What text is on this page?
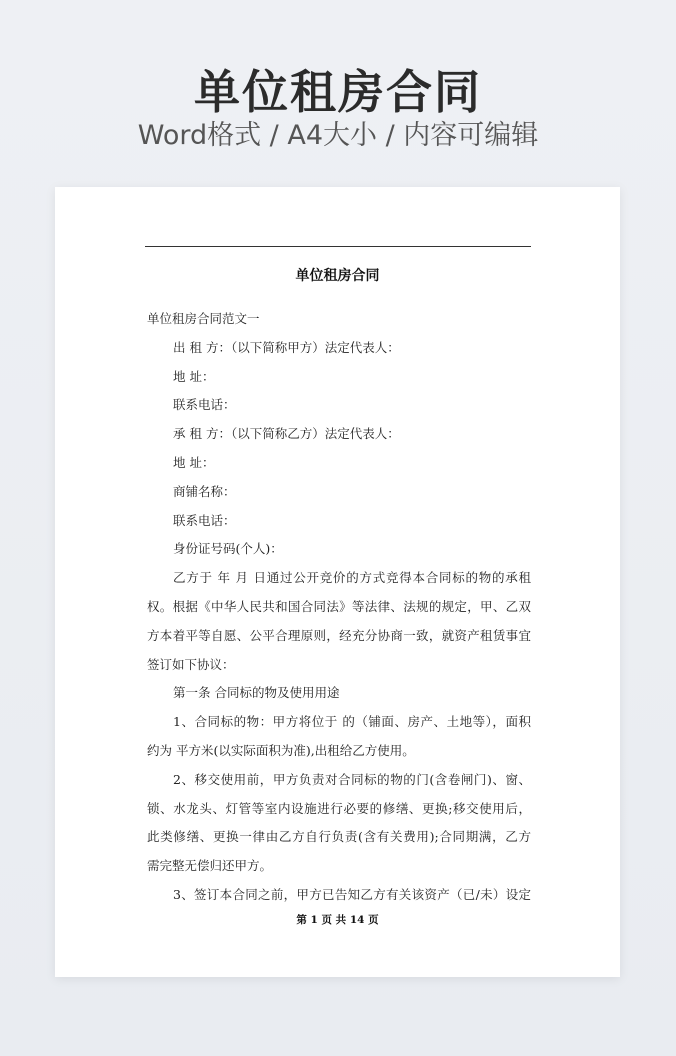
单位租房合同
Word格式 / A4大小 / 内容可编辑
单位租房合同
单位租房合同范文一
出 租 方：（以下简称甲方）法定代表人：
地 址：
联系电话：
承 租 方：（以下简称乙方）法定代表人：
地 址：
商铺名称：
联系电话：
身份证号码(个人)：
乙方于 年 月 日通过公开竞价的方式竞得本合同标的物的承租
权。根据《中华人民共和国合同法》等法律、法规的规定，甲、乙双
方本着平等自愿、公平合理原则，经充分协商一致，就资产租赁事宜
签订如下协议：
第一条 合同标的物及使用用途
1、合同标的物：甲方将位于 的（铺面、房产、土地等），面积
约为 平方米(以实际面积为准),出租给乙方使用。
2、移交使用前，甲方负责对合同标的物的门(含卷闸门)、窗、
锁、水龙头、灯管等室内设施进行必要的修缮、更换;移交使用后，
此类修缮、更换一律由乙方自行负责(含有关费用);合同期满，乙方
需完整无偿归还甲方。
3、签订本合同之前，甲方已告知乙方有关该资产（已/未）设定
第 1 页 共 14 页
